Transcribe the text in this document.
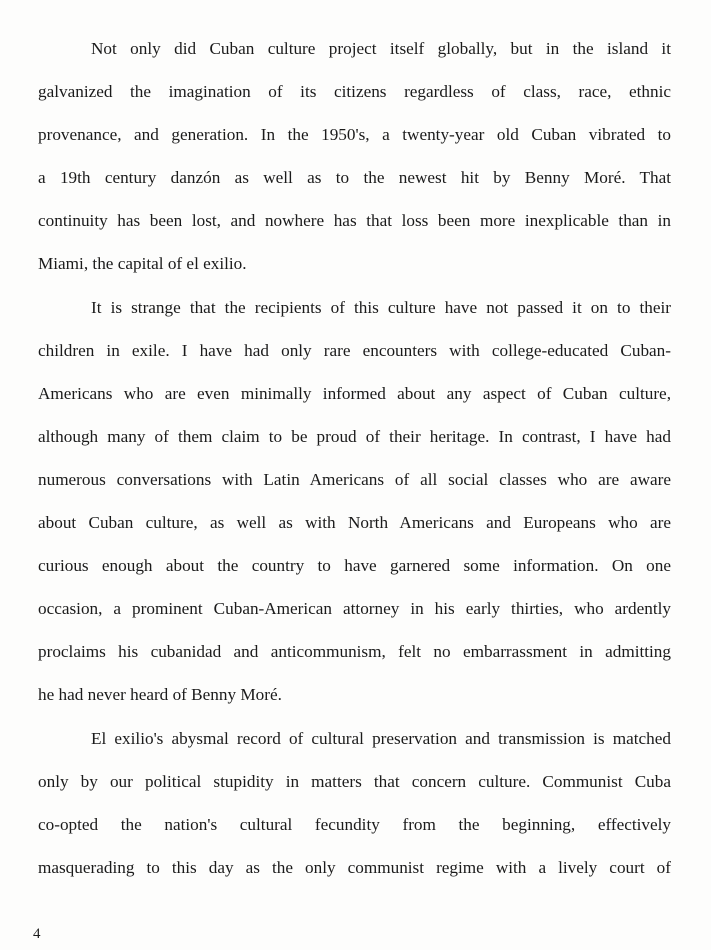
Not only did Cuban culture project itself globally, but in the island it
galvanized the imagination of its citizens regardless of class, race, ethnic
provenance, and generation. In the 1950's, a twenty-year old Cuban vibrated to
a 19th century danzón as well as to the newest hit by Benny Moré. That
continuity has been lost, and nowhere has that loss been more inexplicable than in
Miami, the capital of el exilio.
It is strange that the recipients of this culture have not passed it on to their
children in exile. I have had only rare encounters with college-educated Cuban-
Americans who are even minimally informed about any aspect of Cuban culture,
although many of them claim to be proud of their heritage. In contrast, I have had
numerous conversations with Latin Americans of all social classes who are aware
about Cuban culture, as well as with North Americans and Europeans who are
curious enough about the country to have garnered some information. On one
occasion, a prominent Cuban-American attorney in his early thirties, who ardently
proclaims his cubanidad and anticommunism, felt no embarrassment in admitting
he had never heard of Benny Moré.
El exilio's abysmal record of cultural preservation and transmission is matched
only by our political stupidity in matters that concern culture. Communist Cuba
co-opted the nation's cultural fecundity from the beginning, effectively
masquerading to this day as the only communist regime with a lively court of
4
